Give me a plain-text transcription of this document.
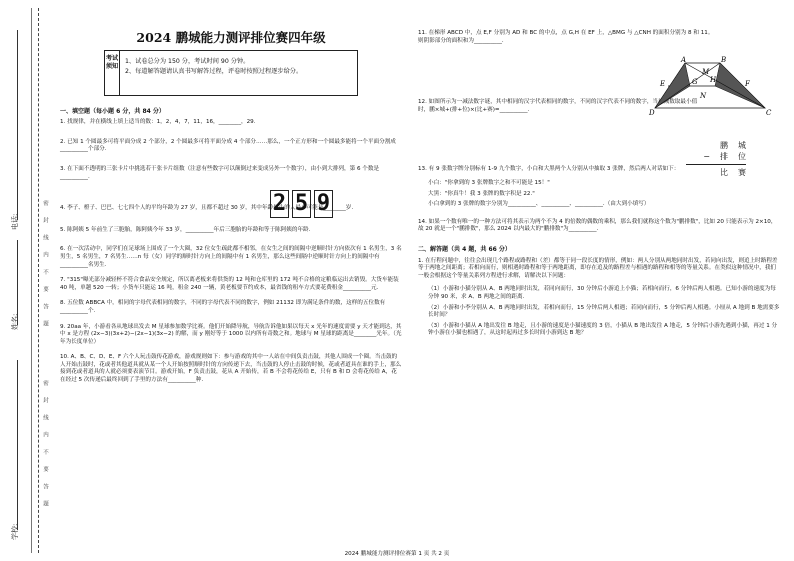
学校:
姓名:
电话:	密 封 线 内 不 要 答 题
密 封 线 内 不 要 答 题
2024 鹏城能力测评排位赛四年级
考试须知
1、试卷总分为 150 分，考试时间 90 分钟。
2、每道解答题请认真书写解答过程，评卷时按照过程逐步给分。
一、填空题（每小题 6 分，共 84 分）
1. 找规律，并在横线上填上适当的数：1，2，4，7，11，16，________，29.
2. 已知 1 个圆最多可将平面分成 2 个部分，2 个圆最多可将平面分成 4 个部分……那么，一个正方形和一个圆最多能将一个平面分割成__________个部分.
3. 在下面不透明的三张卡片中挑选若干张卡片组数（注意有些数字可以颠倒过来变成另外一个数字），由小到大排列，第 6 个数是__________.
4. 李子、橙子、巴巴、七七四个人的平均年龄为 27 岁，且都不超过 30 岁，其中年龄最小的人最小可能是________岁.
5. 陈阿姨 5 年前生了三胞胎，陈阿姨今年 33 岁，__________年后三胞胎的年龄和等于陈阿姨的年龄.
6. 在一次活动中，同学们在足球场上围成了一个大圈，32 位女生疏此都不相邻，在女生之间的间隔中逆顺时针方向依次有 1 名男生，3 名男生，5 名男生，7 名男生……n 每（女）同学的顺时针方向上的间隔中有 1 名男生，那么这些间隔中逆顺时针方向上的间隔中有__________名男生.
7. "315"曝光部分减轻杯不符合食品安全规定，所以离老板来将供货的 12 吨和仓库里的 172 吨不合格的定粮临运出去销毁。大货车能装 40 吨，单趟 520 一转；小货车只能运 16 吨，租金 240 一辆，黄老板要节约成本，最省钱的租车方式要花费租金__________元.
8. 五位数 ABBCA 中，相同的字母代表相同的数字，不同的字母代表不同的数字，例如 21132 即为满足条件的数，这样的五位数有__________个.
9. 20aa 年，小游看各从地球出发去 M 星球参加数学比赛。他们开始降导航，导航告诉他如果以每天 x 光年的速度需要 y 天才能到达，其中 x 是方程 (2x−3)(3x+2)−(2x−1)(3x−2) 的解，而 y 刚好等于 1000 以内所有奇数之和。地球与 M 星球的距离是________光年。（光年为长度单位）
10. A、B、C、D、E、F 六个人玩击鼓传花游戏，游戏规则如下：参与游戏的其中一人站在中间负责击鼓，其他人围成一个圈。当击鼓的人开始击鼓时，花或者其他道具就从某一个人开始按照顺时针的方向传递下去，当击鼓的人停止击鼓的时候，花或者道具在谁的手上，那么接到花或者道具的人就必须要表演节目。游戏开始，F 负责击鼓，花从 A 开始传，若 B 不会将花传给 E，只有 B 和 D 会将花传给 A，花在经过 5 次传递后最终回到了手里的方法有__________种.
2 5 9
11. 在梯形 ABCD 中，点 E,F 分别为 AD 和 BC 的中点，点 G,H 在 EF 上，△BMG 与 △CNH 的面积分别为 8 和 11。则阴影部分的面积和为__________.
12. 如图所示为一减法数字谜，其中相同的汉字代表相同的数字，不同的汉字代表不同的数字，当被减数取最小值时，鹏×城+(排+位)×(比+赛)=__________.
13. 有 9 张数字牌分别标有 1-9 九个数字，小白和大黑两个人分别从中抽取 3 张牌，然后两人对话如下：
小白："你拿到的 3 张牌数字之和不可能是 15！"
大黑："你真牛！我 3 张牌的数字积是 22."
小白拿到的 3 张牌的数字分别为__________、__________、__________.（由大到小填写）
14. 如果一个数有唯一的一种方法可将其表示为两个不为 4 的倍数的偶数的乘积，那么我们就称这个数为"鹏排数"，比如 20 只能表示为 2×10，故 20 就是一个"鹏排数"，那么 2024 以内最大的"鹏排数"为__________.
二、解答题（共 4 题，共 66 分）
1. 在行程问题中，往往会出现几个路程或路程和（差）都等于同一段长度的情形，例如：两人分别从两地同时出发，若同向出发，则追上时路程差等于两地之间距离；若相向而行，则相遇时路程和等于两地距离，即存在追及的路程差与相遇的路程和相等的等量关系。在类似这种情况中，我们一般会根据这个等量关系列方程进行求解，请解决以下问题：
（1）小游和小猫分别从 A、B 两地同时出发，若同向而行，30 分钟后小游追上小猫；若相向而行，6 分钟后两人相遇。已知小游的速度为每分钟 90 米，求 A、B 两地之间的距离.
（2）小游和小李分别从 A、B 两地同时出发，若相向而行，15 分钟后两人相遇；若同向而行，5 分钟后两人相遇。小厘从 A 地到 B 地需要多长时间？
（3）小游和小猫从 A 地出发往 B 地走，且小游的速度是小猫速度的 3 倍，小猫从 B 地出发往 A 地走，5 分钟后小游先遇到小猫，再过 1 分钟小游在小猫也相遇了，从这时起再过多长时间小游到达 B 地？
A	B
E	F
G H
M
N
D	C
鹏 城
− 排 位
比 赛
2024 鹏城能力测评排位赛第 1 页 共 2 页
